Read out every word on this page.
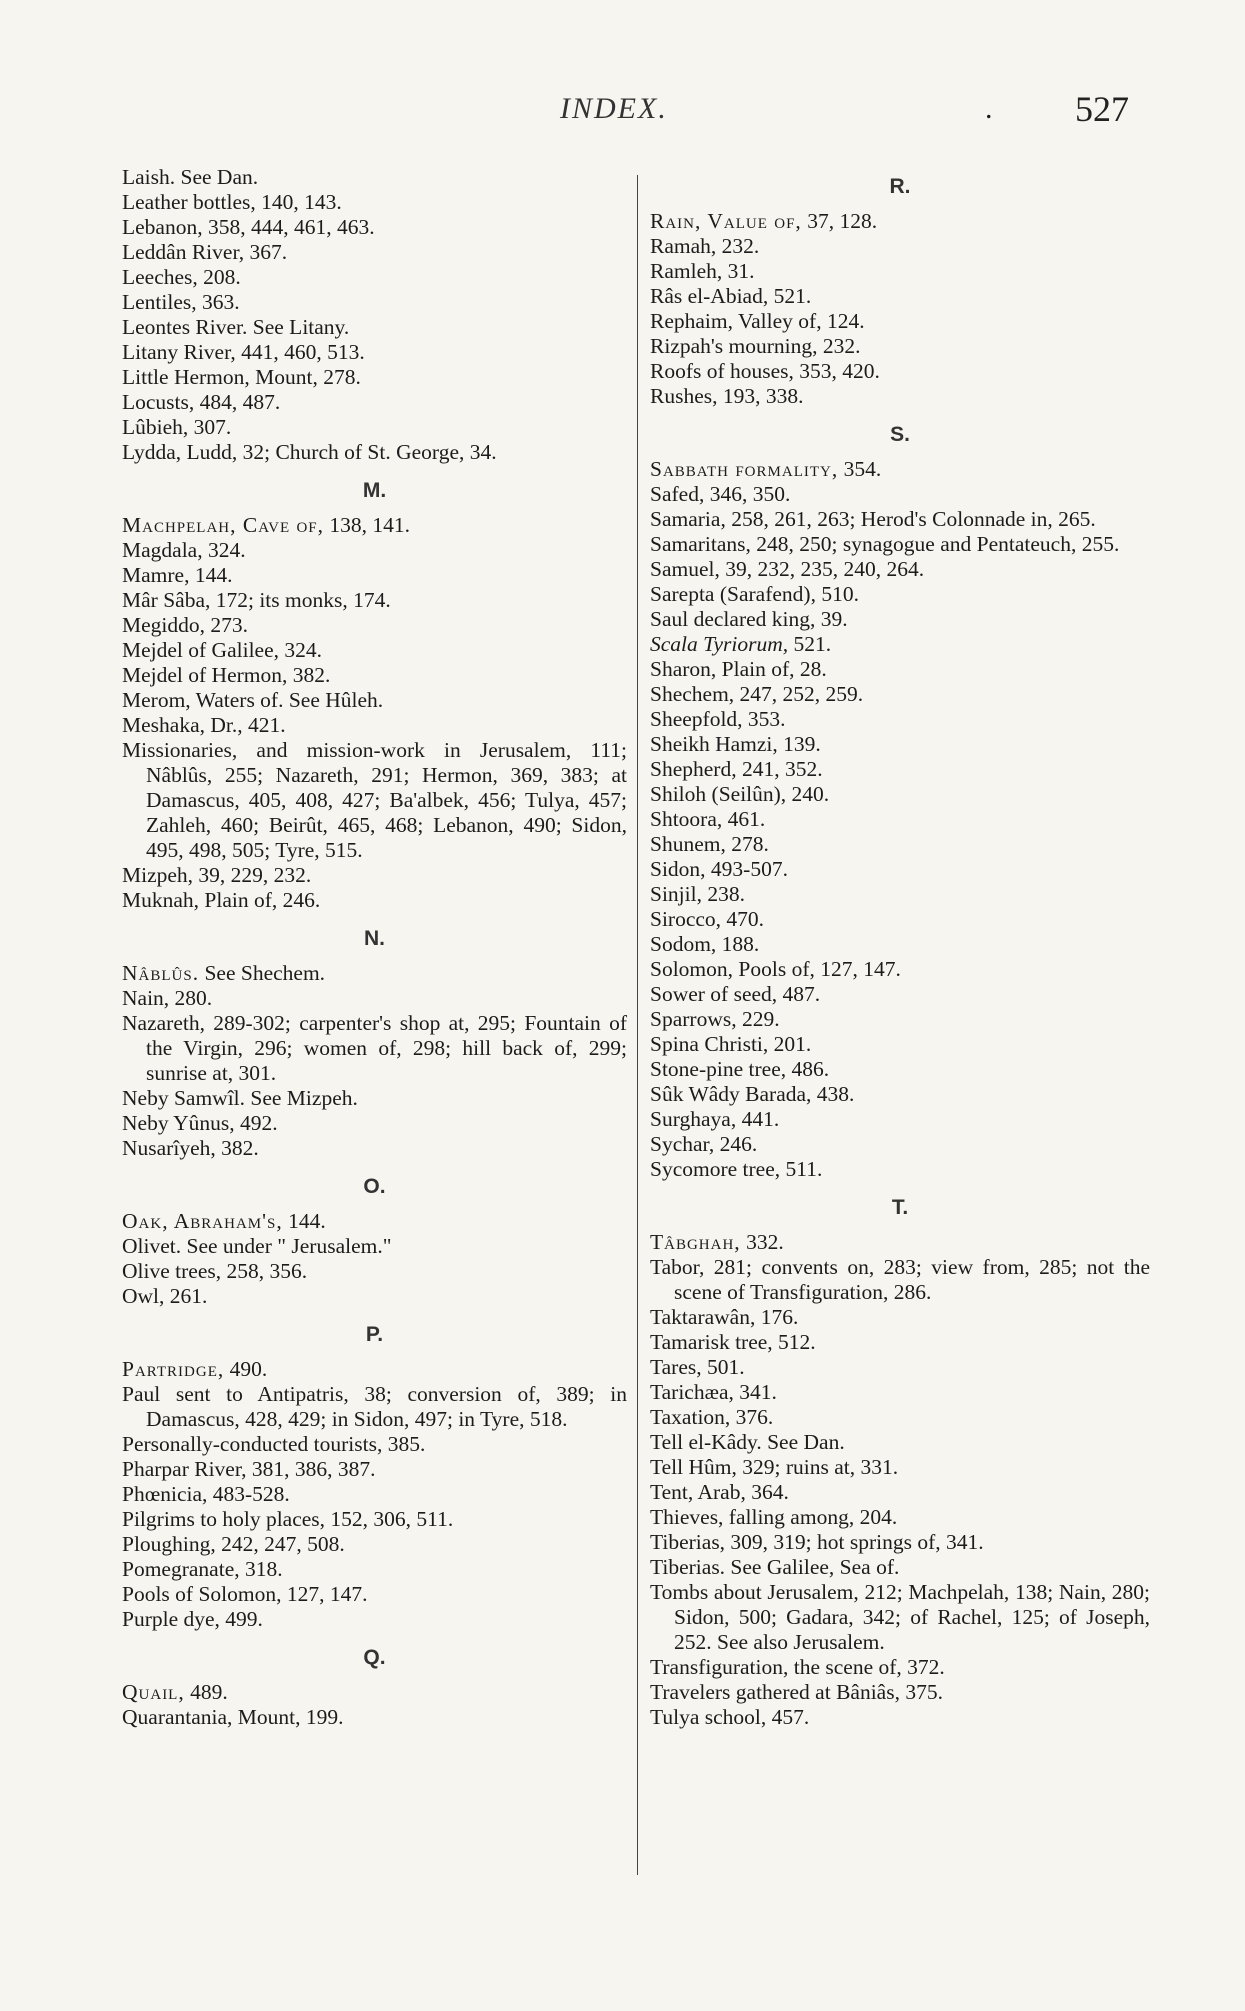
INDEX.	. 527
Laish. See Dan.
Leather bottles, 140, 143.
Lebanon, 358, 444, 461, 463.
Leddân River, 367.
Leeches, 208.
Lentiles, 363.
Leontes River. See Litany.
Litany River, 441, 460, 513.
Little Hermon, Mount, 278.
Locusts, 484, 487.
Lûbieh, 307.
Lydda, Ludd, 32; Church of St. George, 34.
M.
Machpelah, Cave of, 138, 141.
Magdala, 324.
Mamre, 144.
Mâr Sâba, 172; its monks, 174.
Megiddo, 273.
Mejdel of Galilee, 324.
Mejdel of Hermon, 382.
Merom, Waters of. See Hûleh.
Meshaka, Dr., 421.
Missionaries, and mission-work in Jerusalem, 111; Nâblûs, 255; Nazareth, 291; Hermon, 369, 383; at Damascus, 405, 408, 427; Ba'albek, 456; Tulya, 457; Zahleh, 460; Beirût, 465, 468; Lebanon, 490; Sidon, 495, 498, 505; Tyre, 515.
Mizpeh, 39, 229, 232.
Muknah, Plain of, 246.
N.
Nâblûs. See Shechem.
Nain, 280.
Nazareth, 289-302; carpenter's shop at, 295; Fountain of the Virgin, 296; women of, 298; hill back of, 299; sunrise at, 301.
Neby Samwîl. See Mizpeh.
Neby Yûnus, 492.
Nusarîyeh, 382.
O.
Oak, Abraham's, 144.
Olivet. See under " Jerusalem."
Olive trees, 258, 356.
Owl, 261.
P.
Partridge, 490.
Paul sent to Antipatris, 38; conversion of, 389; in Damascus, 428, 429; in Sidon, 497; in Tyre, 518.
Personally-conducted tourists, 385.
Pharpar River, 381, 386, 387.
Phœnicia, 483-528.
Pilgrims to holy places, 152, 306, 511.
Ploughing, 242, 247, 508.
Pomegranate, 318.
Pools of Solomon, 127, 147.
Purple dye, 499.
Q.
Quail, 489.
Quarantania, Mount, 199.
R.
Rain, Value of, 37, 128.
Ramah, 232.
Ramleh, 31.
Râs el-Abiad, 521.
Rephaim, Valley of, 124.
Rizpah's mourning, 232.
Roofs of houses, 353, 420.
Rushes, 193, 338.
S.
Sabbath formality, 354.
Safed, 346, 350.
Samaria, 258, 261, 263; Herod's Colonnade in, 265.
Samaritans, 248, 250; synagogue and Pentateuch, 255.
Samuel, 39, 232, 235, 240, 264.
Sarepta (Sarafend), 510.
Saul declared king, 39.
Scala Tyriorum, 521.
Sharon, Plain of, 28.
Shechem, 247, 252, 259.
Sheepfold, 353.
Sheikh Hamzi, 139.
Shepherd, 241, 352.
Shiloh (Seilûn), 240.
Shtoora, 461.
Shunem, 278.
Sidon, 493-507.
Sinjil, 238.
Sirocco, 470.
Sodom, 188.
Solomon, Pools of, 127, 147.
Sower of seed, 487.
Sparrows, 229.
Spina Christi, 201.
Stone-pine tree, 486.
Sûk Wâdy Barada, 438.
Surghaya, 441.
Sychar, 246.
Sycomore tree, 511.
T.
Tâbghah, 332.
Tabor, 281; convents on, 283; view from, 285; not the scene of Transfiguration, 286.
Taktarawân, 176.
Tamarisk tree, 512.
Tares, 501.
Tarichæa, 341.
Taxation, 376.
Tell el-Kâdy. See Dan.
Tell Hûm, 329; ruins at, 331.
Tent, Arab, 364.
Thieves, falling among, 204.
Tiberias, 309, 319; hot springs of, 341.
Tiberias. See Galilee, Sea of.
Tombs about Jerusalem, 212; Machpelah, 138; Nain, 280; Sidon, 500; Gadara, 342; of Rachel, 125; of Joseph, 252. See also Jerusalem.
Transfiguration, the scene of, 372.
Travelers gathered at Bâniâs, 375.
Tulya school, 457.
